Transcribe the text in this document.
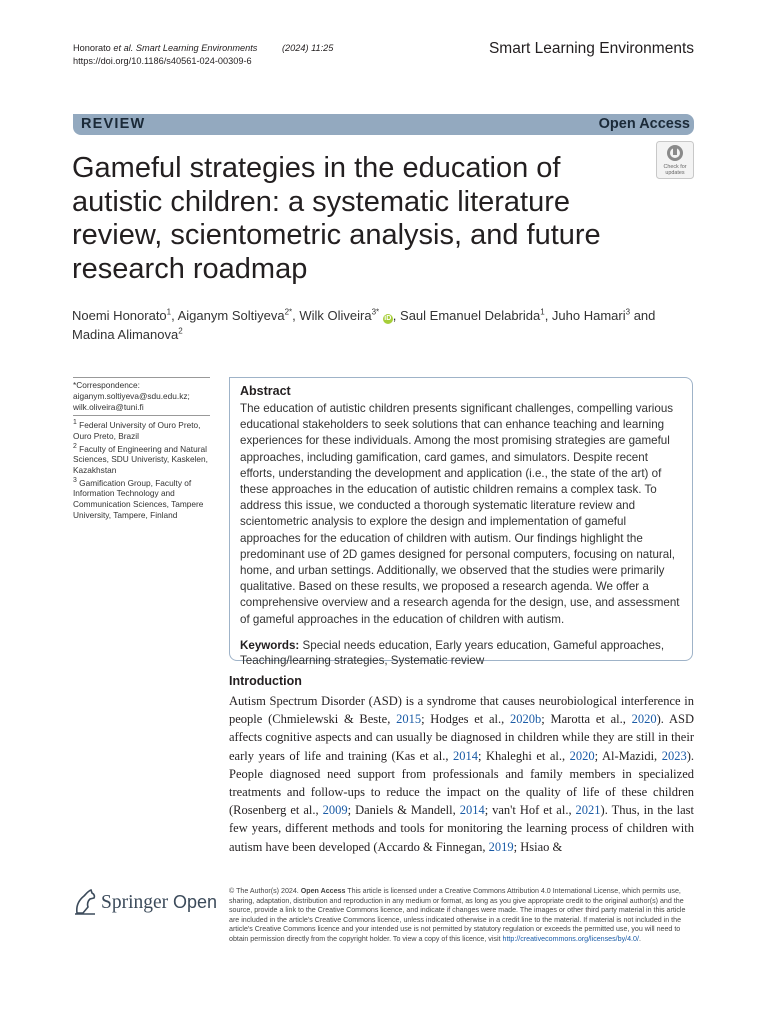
Honorato et al. Smart Learning Environments	(2024) 11:25
https://doi.org/10.1186/s40561-024-00309-6
Smart Learning Environments
REVIEW	Open Access
Gameful strategies in the education of autistic children: a systematic literature review, scientometric analysis, and future research roadmap
Check for
updates
Noemi Honorato$^1$, Aiganym Soltiyeva$^{2*}$, Wilk Oliveira$^{3*}$ iD , Saul Emanuel Delabrida$^1$, Juho Hamari$^3$ and Madina Alimanova$^2$

*Correspondence:

aiganym.soltiyeva@sdu.edu.kz;

wilk.oliveira@tuni.fi

$^1$ Federal University of Ouro Preto, Ouro Preto, Brazil

$^2$ Faculty of Engineering and Natural Sciences, SDU Univeristy, Kaskelen, Kazakhstan

$^3$ Gamification Group, Faculty of Information Technology and Communication Sciences, Tampere University, Tampere, Finland

Abstract
The education of autistic children presents significant challenges, compelling various educational stakeholders to seek solutions that can enhance teaching and learning experiences for these individuals. Among the most promising strategies are gameful approaches, including gamification, card games, and simulators. Despite recent efforts, understanding the development and application (i.e., the state of the art) of these approaches in the education of autistic children remains a complex task. To address this issue, we conducted a thorough systematic literature review and scientometric analysis to explore the design and implementation of gameful approaches for the education of children with autism. Our findings highlight the predominant use of 2D games designed for personal computers, focusing on natural, home, and urban settings. Additionally, we observed that the studies were primarily qualitative. Based on these results, we proposed a research agenda. We offer a comprehensive overview and a research agenda for the design, use, and assessment of gameful approaches in the education of children with autism.
Keywords: Special needs education, Early years education, Gameful approaches, Teaching/learning strategies, Systematic review
Introduction
Autism Spectrum Disorder (ASD) is a syndrome that causes neurobiological interference in people (Chmielewski & Beste, 2015; Hodges et al., 2020b; Marotta et al., 2020). ASD affects cognitive aspects and can usually be diagnosed in children while they are still in their early years of life and training (Kas et al., 2014; Khaleghi et al., 2020; Al-Mazidi, 2023). People diagnosed need support from professionals and family members in specialized treatments and follow-ups to reduce the impact on the quality of life of these children (Rosenberg et al., 2009; Daniels & Mandell, 2014; van't Hof et al., 2021). Thus, in the last few years, different methods and tools for monitoring the learning process of children with autism have been developed (Accardo & Finnegan, 2019; Hsiao &
Springer Open
© The Author(s) 2024. Open Access This article is licensed under a Creative Commons Attribution 4.0 International License, which permits use, sharing, adaptation, distribution and reproduction in any medium or format, as long as you give appropriate credit to the original author(s) and the source, provide a link to the Creative Commons licence, and indicate if changes were made. The images or other third party material in this article are included in the article's Creative Commons licence, unless indicated otherwise in a credit line to the material. If material is not included in the article's Creative Commons licence and your intended use is not permitted by statutory regulation or exceeds the permitted use, you will need to obtain permission directly from the copyright holder. To view a copy of this licence, visit http://creativecommons.org/licenses/by/4.0/.
